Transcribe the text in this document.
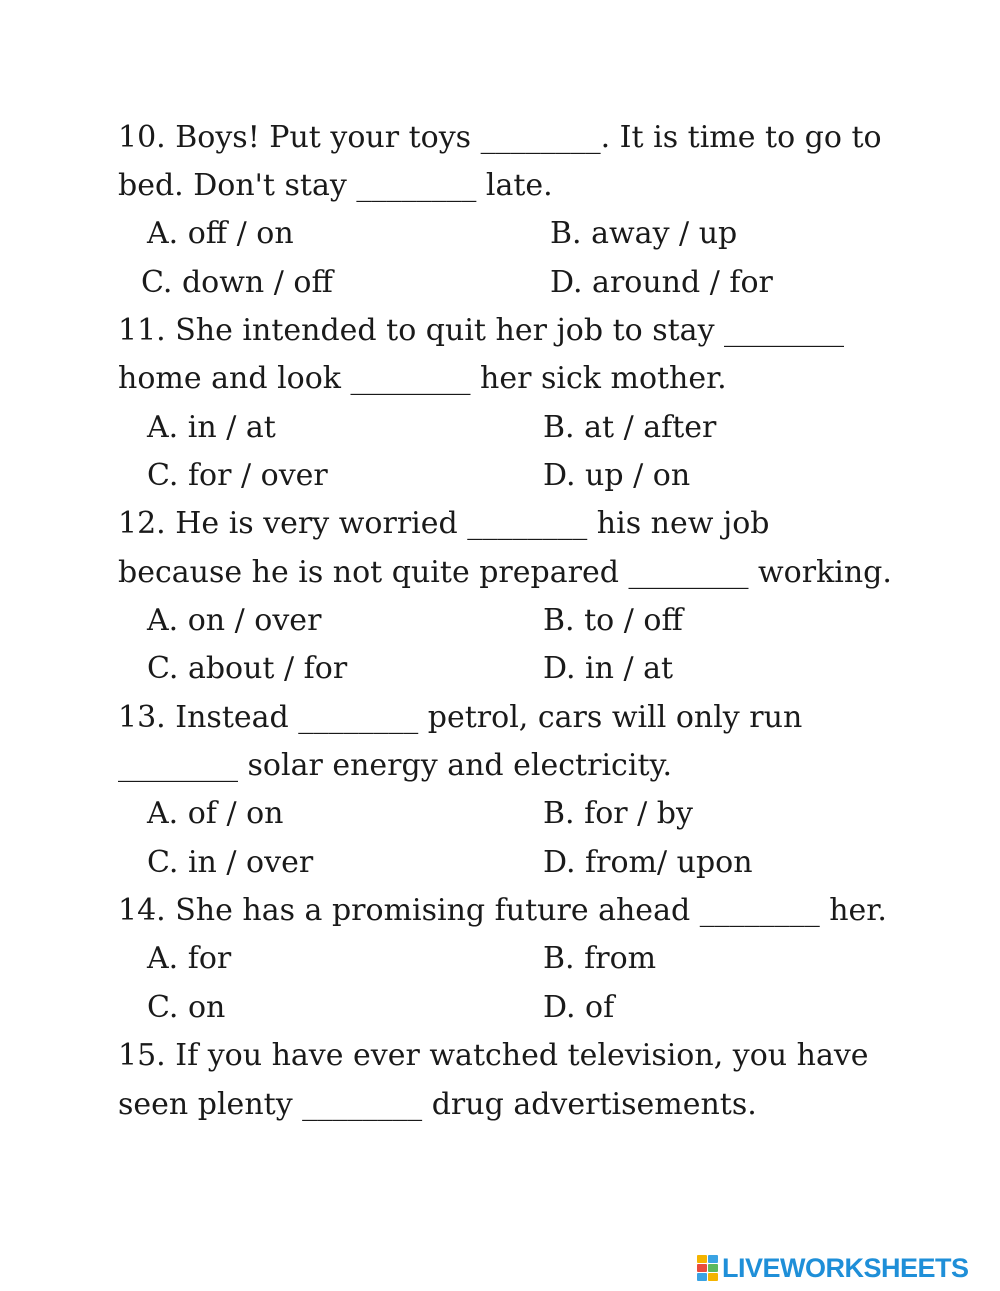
10. Boys! Put your toys ________. It is time to go to
bed. Don't stay ________ late.
A. off / on	B. away / up
C. down / off	D. around / for
11. She intended to quit her job to stay ________
home and look ________ her sick mother.
A. in / at	B. at / after
C. for / over	D. up / on
12. He is very worried ________ his new job
because he is not quite prepared ________ working.
A. on / over	B. to / off
C. about / for	D. in / at
13. Instead ________ petrol, cars will only run
________ solar energy and electricity.
A. of / on	B. for / by
C. in / over	D. from/ upon
14. She has a promising future ahead ________ her.
A. for	B. from
C. on	D. of
15. If you have ever watched television, you have
seen plenty ________ drug advertisements.
LIVEWORKSHEETS
